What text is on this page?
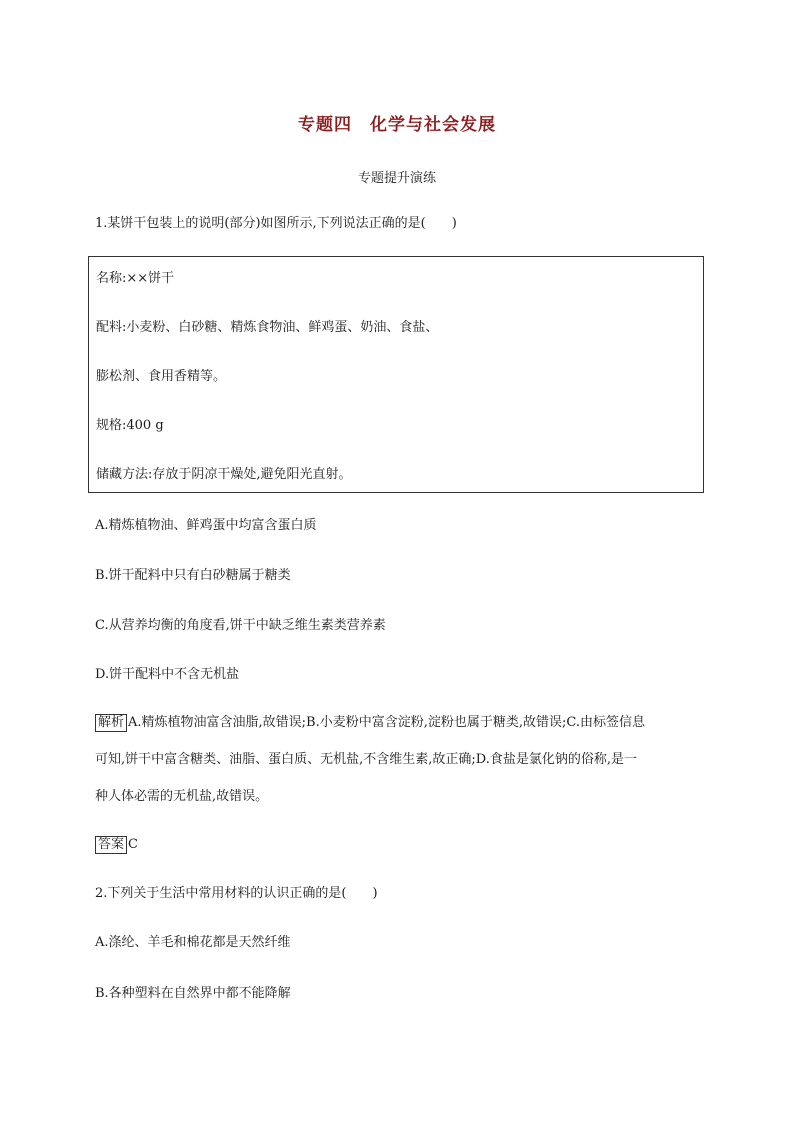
专题四　化学与社会发展
专题提升演练
1.某饼干包装上的说明(部分)如图所示,下列说法正确的是(　　)
名称:××饼干
配料:小麦粉、白砂糖、精炼食物油、鲜鸡蛋、奶油、食盐、
膨松剂、食用香精等。
规格:400 g
储藏方法:存放于阴凉干燥处,避免阳光直射。
A.精炼植物油、鲜鸡蛋中均富含蛋白质
B.饼干配料中只有白砂糖属于糖类
C.从营养均衡的角度看,饼干中缺乏维生素类营养素
D.饼干配料中不含无机盐
解析 A.精炼植物油富含油脂,故错误;B.小麦粉中富含淀粉,淀粉也属于糖类,故错误;C.由标签信息
可知,饼干中富含糖类、油脂、蛋白质、无机盐,不含维生素,故正确;D.食盐是氯化钠的俗称,是一
种人体必需的无机盐,故错误。
答案 C
2.下列关于生活中常用材料的认识正确的是(　　)
A.涤纶、羊毛和棉花都是天然纤维
B.各种塑料在自然界中都不能降解
